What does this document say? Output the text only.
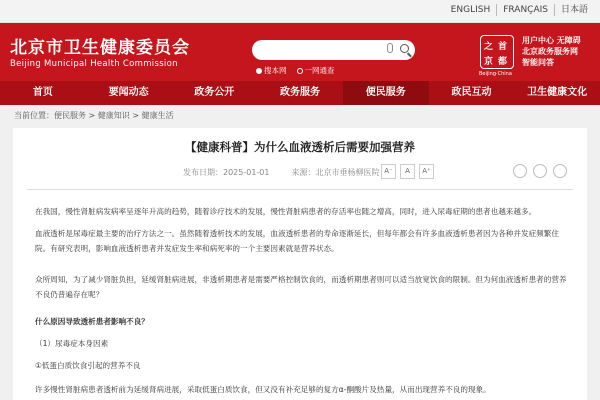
ENGLISH	FRANÇAIS	日本語
北京市卫生健康委员会
Beijing Municipal Health Commission
搜本网 一网通查
之 首
京 都
Beijing·China
用户中心 无障碍
北京政务服务网
智能问答
首页	要闻动态	政务公开	政务服务	便民服务	政民互动	卫生健康文化
当前位置：便民服务 > 健康知识 > 健康生活
【健康科普】为什么血液透析后需要加强营养
发布日期：2025-01-01	来源：北京市垂杨柳医院 A⁻	A	A⁺
在我国，慢性肾脏病发病率呈逐年升高的趋势，随着诊疗技术的发展，慢性肾脏病患者的存活率也随之增高，同时，进入尿毒症期的患者也越来越多。
血液透析是尿毒症最主要的治疗方法之一。虽然随着透析技术的发展，血液透析患者的寿命逐渐延长，但每年都会有许多血液透析患者因为各种并发症频繁住院。有研究表明，影响血液透析患者并发症发生率和病死率的一个主要因素就是营养状态。
众所周知，为了减少肾脏负担，延缓肾脏病进展，非透析期患者是需要严格控制饮食的，而透析期患者则可以适当放宽饮食的限制。但为何血液透析患者的营养不良仍普遍存在呢？
什么原因导致透析患者影响不良？
（1）尿毒症本身因素
①低蛋白质饮食引起的营养不良
许多慢性肾脏病患者透析前为延缓肾病进展，采取低蛋白质饮食，但又没有补充足够的复方α-酮酸片及热量，从而出现营养不良的现象。
